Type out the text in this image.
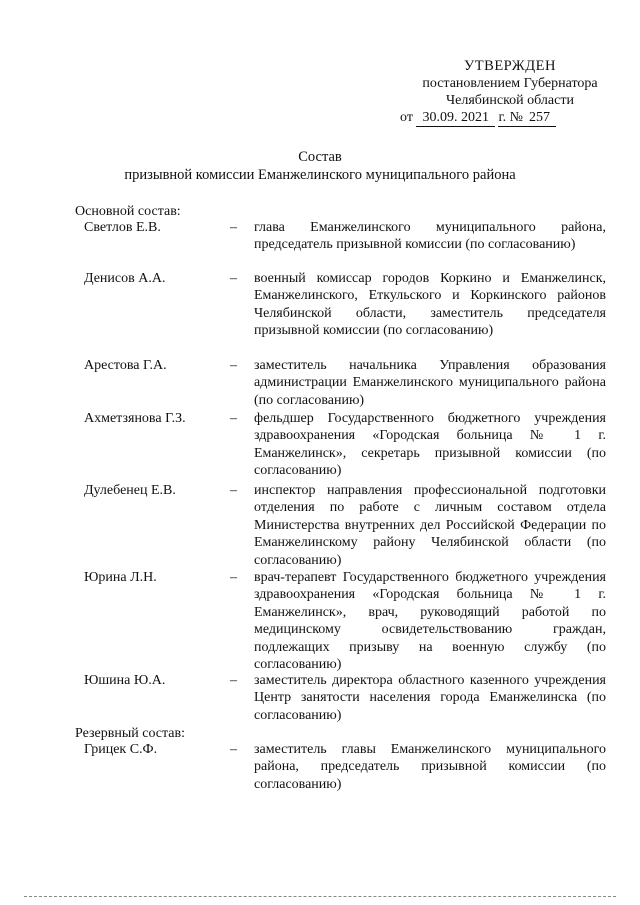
УТВЕРЖДЕН
постановлением Губернатора
Челябинской области
от 30.09. 2021 г. № 257
Состав
призывной комиссии Еманжелинского муниципального района
Основной состав:
Светлов Е.В.	– глава Еманжелинского муниципального района, председатель призывной комиссии (по согласованию)
Денисов А.А.	– военный комиссар городов Коркино и Еманжелинск, Еманжелинского, Еткульского и Коркинского районов Челябинской области, заместитель председателя призывной комиссии (по согласованию)
Арестова Г.А.	– заместитель начальника Управления образования администрации Еманжелинского муниципального района (по согласованию)
Ахметзянова Г.З.	– фельдшер Государственного бюджетного учреждения здравоохранения «Городская больница № 1 г. Еманжелинск», секретарь призывной комиссии (по согласованию)
Дулебенец Е.В.	– инспектор направления профессиональной подготовки отделения по работе с личным составом отдела Министерства внутренних дел Российской Федерации по Еманжелинскому району Челябинской области (по согласованию)
Юрина Л.Н.	– врач-терапевт Государственного бюджетного учреждения здравоохранения «Городская больница № 1 г. Еманжелинск», врач, руководящий работой по медицинскому освидетельствованию граждан, подлежащих призыву на военную службу (по согласованию)
Юшина Ю.А.	– заместитель директора областного казенного учреждения Центр занятости населения города Еманжелинска (по согласованию)
Резервный состав:
Грицек С.Ф.	– заместитель главы Еманжелинского муниципального района, председатель призывной комиссии (по согласованию)
